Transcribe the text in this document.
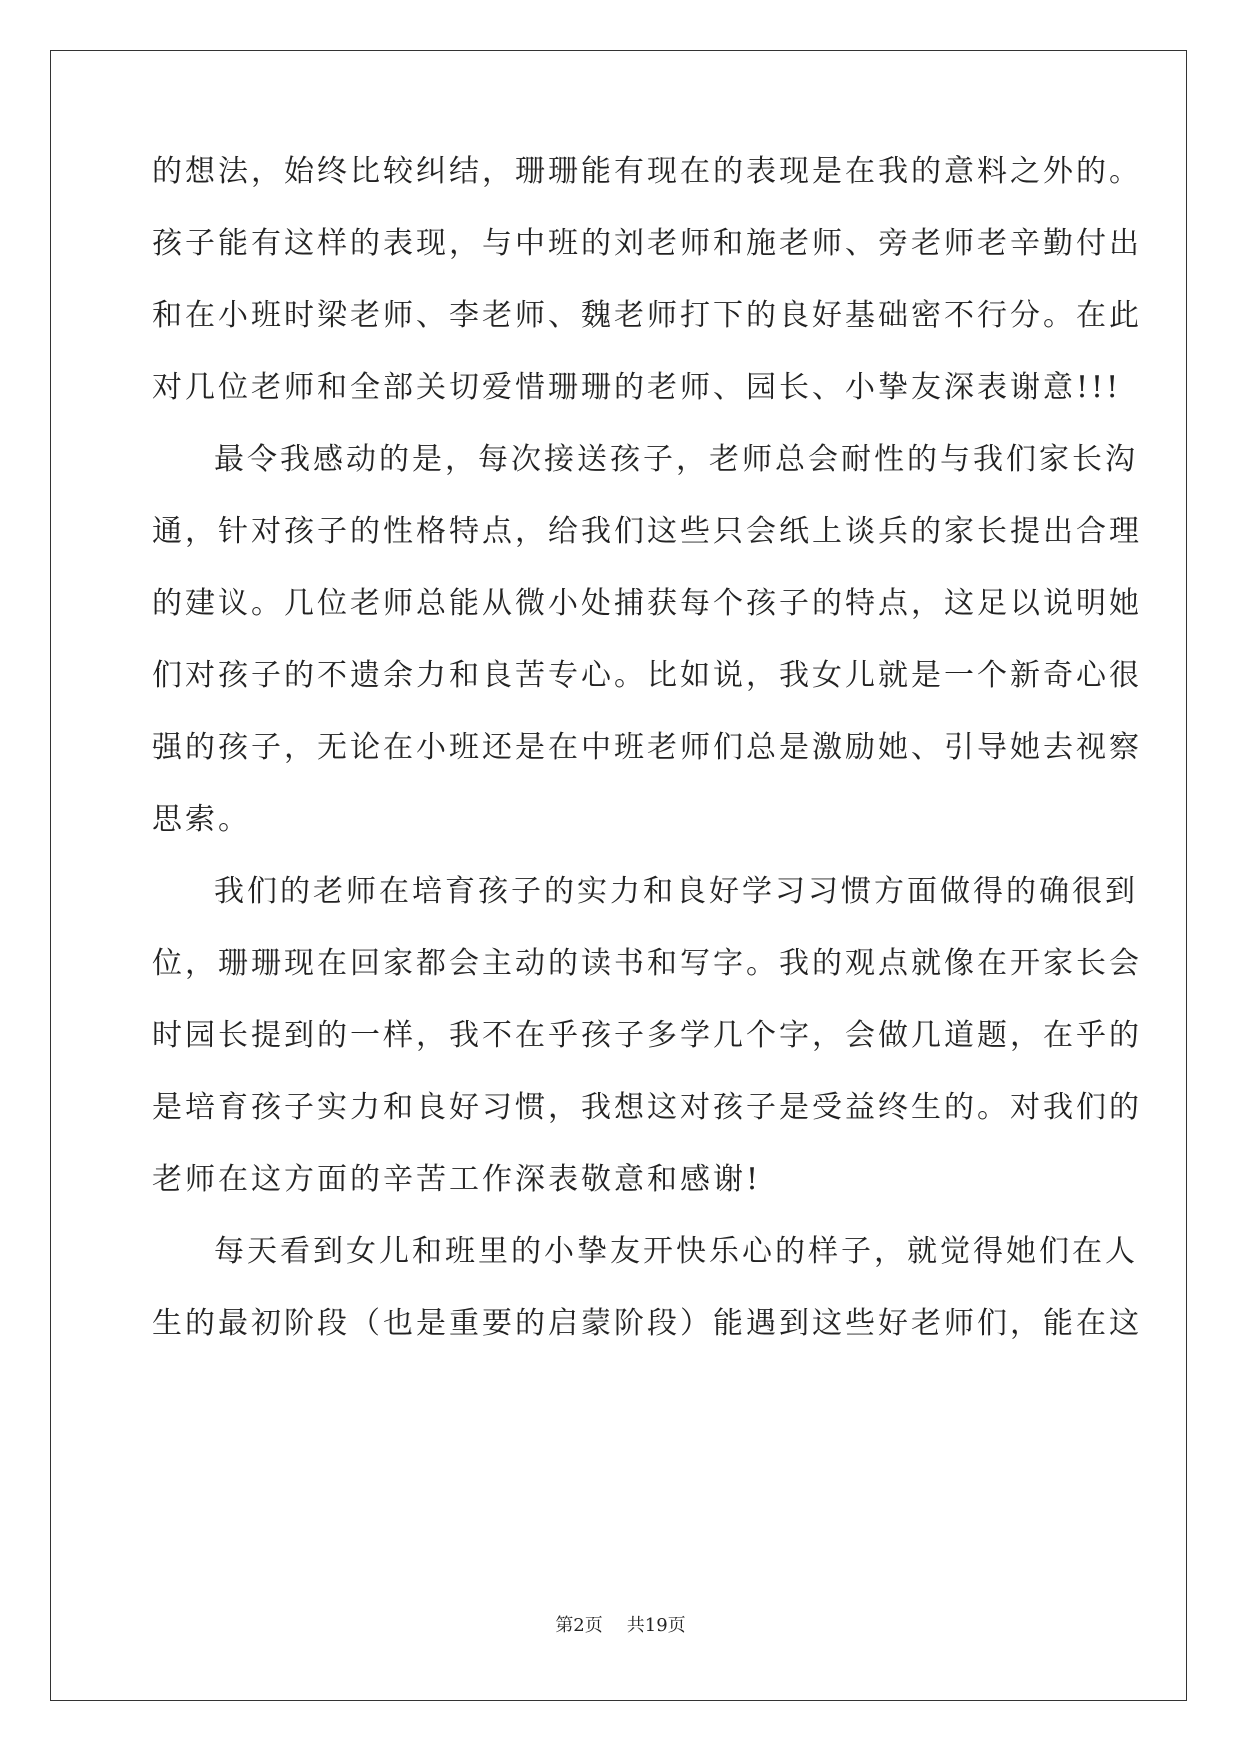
的想法，始终比较纠结，珊珊能有现在的表现是在我的意料之外的。
孩子能有这样的表现，与中班的刘老师和施老师、旁老师老辛勤付出
和在小班时梁老师、李老师、魏老师打下的良好基础密不行分。在此
对几位老师和全部关切爱惜珊珊的老师、园长、小挚友深表谢意!!!
最令我感动的是，每次接送孩子，老师总会耐性的与我们家长沟
通，针对孩子的性格特点，给我们这些只会纸上谈兵的家长提出合理
的建议。几位老师总能从微小处捕获每个孩子的特点，这足以说明她
们对孩子的不遗余力和良苦专心。比如说，我女儿就是一个新奇心很
强的孩子，无论在小班还是在中班老师们总是激励她、引导她去视察
思索。
我们的老师在培育孩子的实力和良好学习习惯方面做得的确很到
位，珊珊现在回家都会主动的读书和写字。我的观点就像在开家长会
时园长提到的一样，我不在乎孩子多学几个字，会做几道题，在乎的
是培育孩子实力和良好习惯，我想这对孩子是受益终生的。对我们的
老师在这方面的辛苦工作深表敬意和感谢!
每天看到女儿和班里的小挚友开快乐心的样子，就觉得她们在人
生的最初阶段（也是重要的启蒙阶段）能遇到这些好老师们，能在这
第2页 共19页
